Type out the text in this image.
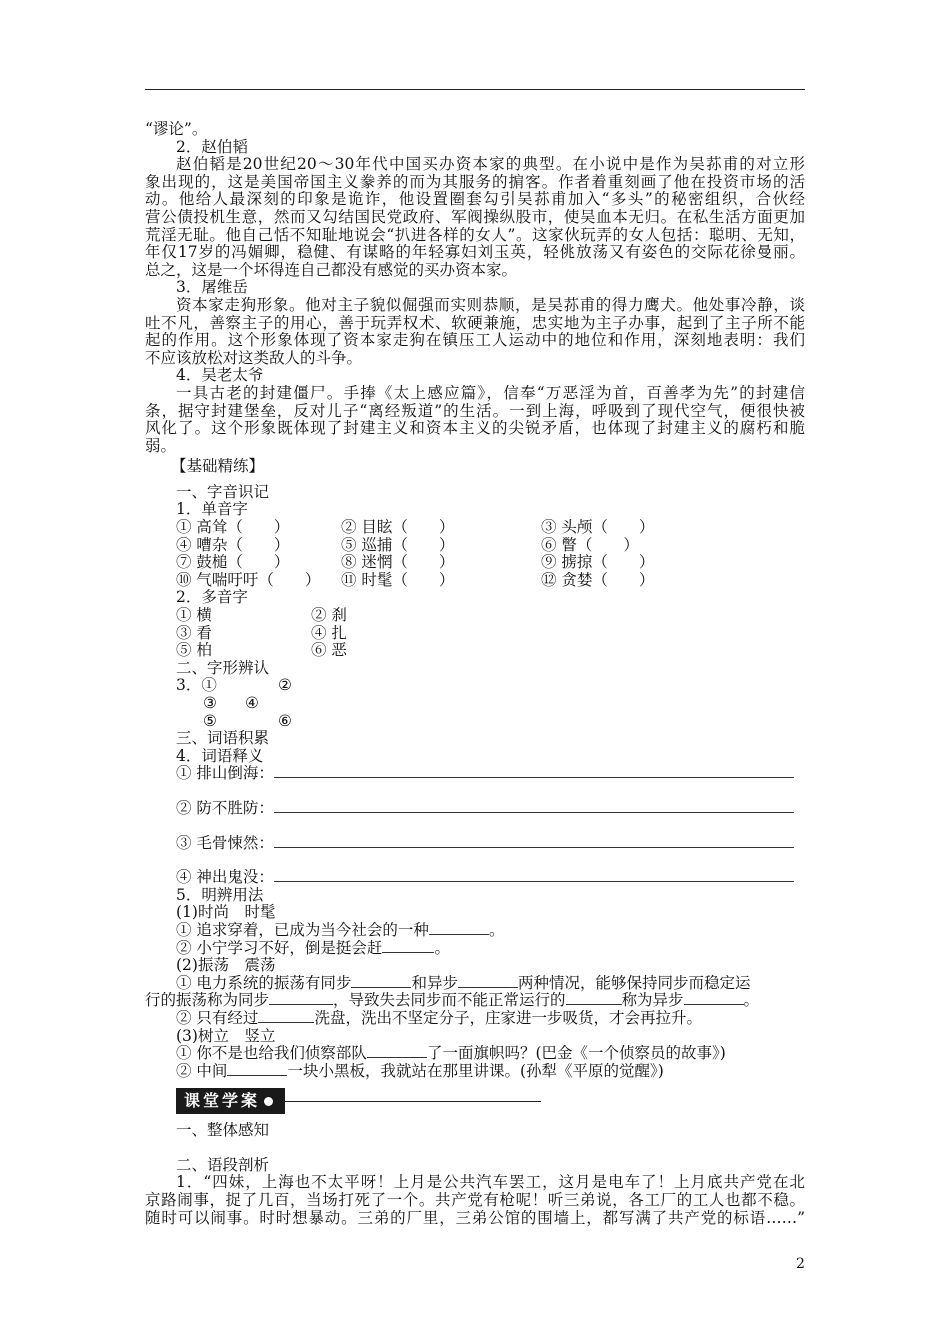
“谬论”。
2．赵伯韬
赵伯韬是20世纪20～30年代中国买办资本家的典型。在小说中是作为吴荪甫的对立形
象出现的，这是美国帝国主义豢养的而为其服务的掮客。作者着重刻画了他在投资市场的活
动。他给人最深刻的印象是诡诈，他设置圈套勾引吴荪甫加入“多头”的秘密组织，合伙经
营公债投机生意，然而又勾结国民党政府、军阀操纵股市，使吴血本无归。在私生活方面更加
荒淫无耻。他自己恬不知耻地说会“扒进各样的女人”。这家伙玩弄的女人包括：聪明、无知，
年仅17岁的冯媚卿，稳健、有谋略的年轻寡妇刘玉英，轻佻放荡又有姿色的交际花徐曼丽。
总之，这是一个坏得连自己都没有感觉的买办资本家。
3．屠维岳
资本家走狗形象。他对主子貌似倔强而实则恭顺，是吴荪甫的得力鹰犬。他处事冷静，谈
吐不凡，善察主子的用心，善于玩弄权术、软硬兼施，忠实地为主子办事，起到了主子所不能
起的作用。这个形象体现了资本家走狗在镇压工人运动中的地位和作用，深刻地表明：我们
不应该放松对这类敌人的斗争。
4．吴老太爷
一具古老的封建僵尸。手捧《太上感应篇》，信奉“万恶淫为首，百善孝为先”的封建信
条，据守封建堡垒，反对儿子“离经叛道”的生活。一到上海，呼吸到了现代空气，便很快被
风化了。这个形象既体现了封建主义和资本主义的尖锐矛盾，也体现了封建主义的腐朽和脆
弱。
【基础精练】
一、字音识记
1．单音字
① 高耸（　　）	② 目眩（　　）	③ 头颅（　　）
④ 嘈杂（　　）	⑤ 巡捕（　　）	⑥ 瞥（　　）
⑦ 鼓槌（　　）	⑧ 迷惘（　　）	⑨ 掳掠（　　）
⑩ 气喘吁吁（　　）	⑪ 时髦（　　）	⑫ 贪婪（　　）
2．多音字
① 横	② 刹
③ 看	④ 扎
⑤ 柏	⑥ 恶
二、字形辨认
3．①	②
③	④
⑤	⑥
三、词语积累
4．词语释义
① 排山倒海：
② 防不胜防：
③ 毛骨悚然：
④ 神出鬼没：
5．明辨用法
(1)时尚　时髦
① 追求穿着，已成为当今社会的一种	。
② 小宁学习不好，倒是挺会赶	。
(2)振荡　震荡
① 电力系统的振荡有同步	和异步	两种情况，能够保持同步而稳定运
行的振荡称为同步	，导致失去同步而不能正常运行的	称为异步	。
② 只有经过	洗盘，洗出不坚定分子，庄家进一步吸货，才会再拉升。
(3)树立　竖立
① 你不是也给我们侦察部队	了一面旗帜吗？(巴金《一个侦察员的故事》)
② 中间	一块小黑板，我就站在那里讲课。(孙犁《平原的觉醒》)
课堂学案
一、整体感知
二、语段剖析
1．“四妹，上海也不太平呀！上月是公共汽车罢工，这月是电车了！上月底共产党在北
京路闹事，捉了几百，当场打死了一个。共产党有枪呢！听三弟说，各工厂的工人也都不稳。
随时可以闹事。时时想暴动。三弟的厂里，三弟公馆的围墙上，都写满了共产党的标语……”
2
